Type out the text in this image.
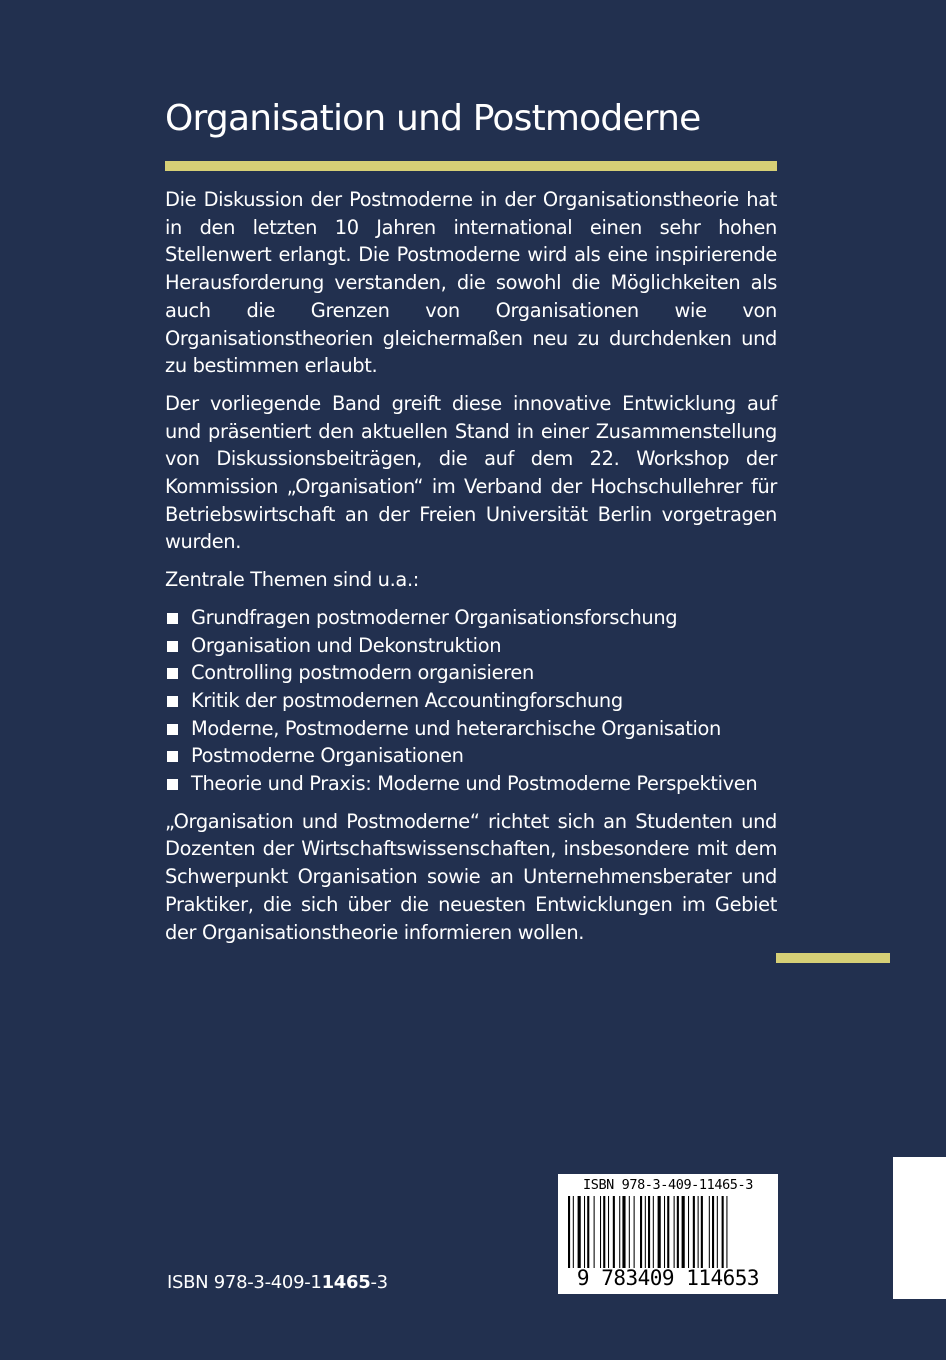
Organisation und Postmoderne

Die Diskussion der Postmoderne in der Organisationstheorie hat in den letzten 10 Jahren international einen sehr hohen Stellenwert erlangt. Die Postmoderne wird als eine inspirierende Herausforderung verstanden, die sowohl die Möglichkeiten als auch die Grenzen von Organisationen wie von Organisationstheorien gleichermaßen neu zu durchdenken und zu bestimmen erlaubt.

Der vorliegende Band greift diese innovative Entwicklung auf und präsentiert den aktuellen Stand in einer Zusammenstellung von Diskussionsbeiträgen, die auf dem 22. Workshop der Kommission „Organisation“ im Verband der Hochschullehrer für Betriebswirtschaft an der Freien Universität Berlin vorgetragen wurden.

Zentrale Themen sind u.a.:

Grundfragen postmoderner Organisationsforschung
Organisation und Dekonstruktion
Controlling postmodern organisieren
Kritik der postmodernen Accountingforschung
Moderne, Postmoderne und heterarchische Organisation
Postmoderne Organisationen
Theorie und Praxis: Moderne und Postmoderne Perspektiven

„Organisation und Postmoderne“ richtet sich an Studenten und Dozenten der Wirtschaftswissenschaften, insbesondere mit dem Schwerpunkt Organisation sowie an Unternehmensberater und Praktiker, die sich über die neuesten Entwicklungen im Gebiet der Organisationstheorie informieren wollen.

ISBN 978-3-409-11465-3
ISBN 978-3-409-11465-3
9 783409 114653
